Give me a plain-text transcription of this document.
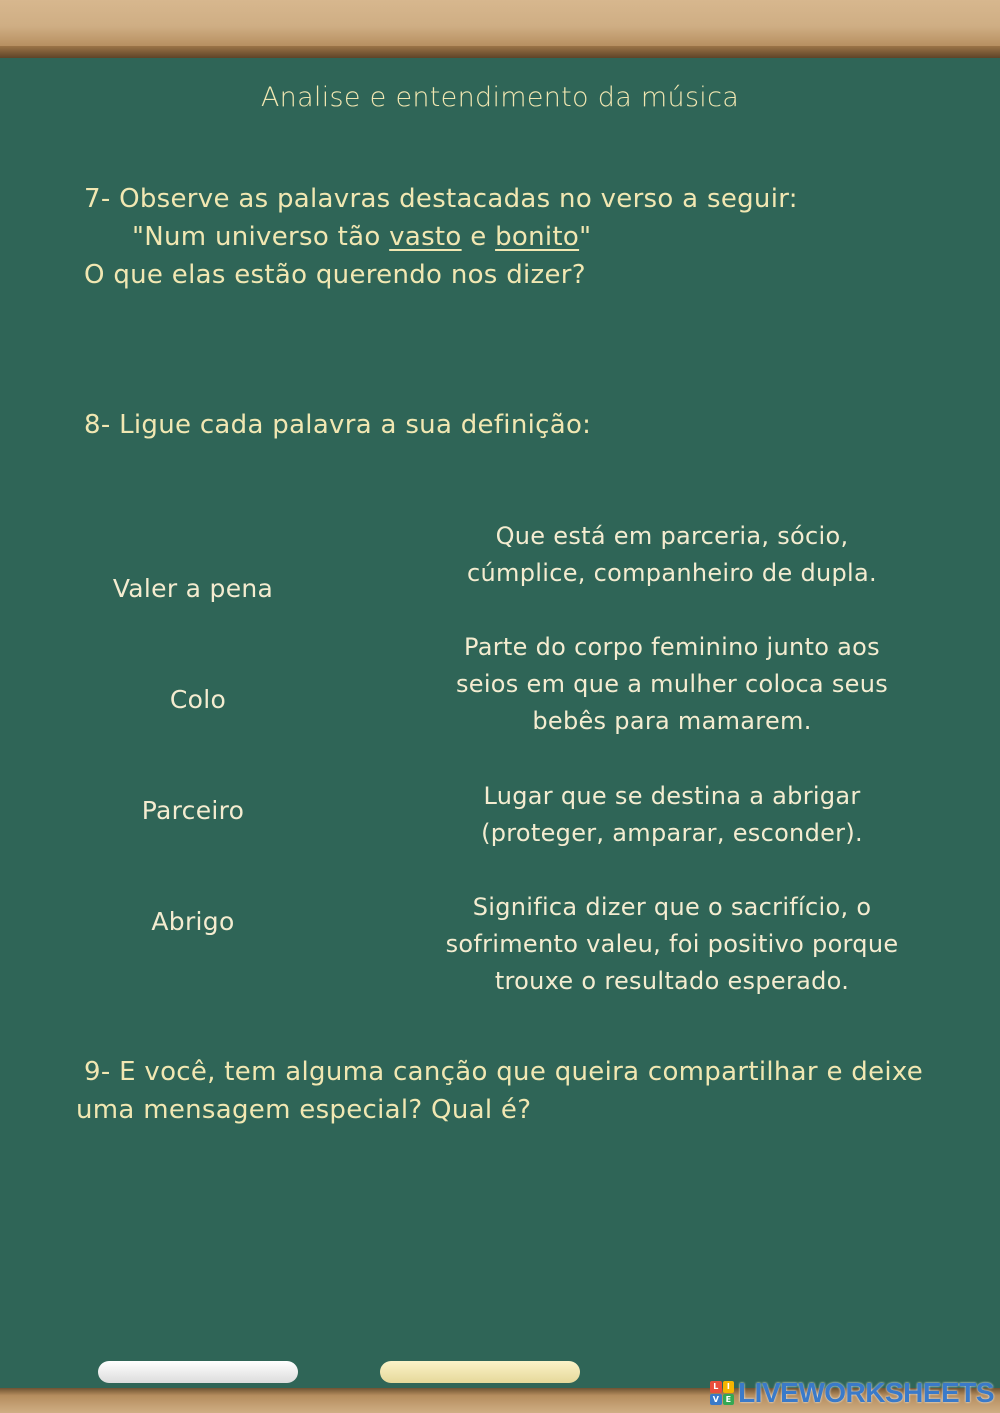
Analise e entendimento da música
7- Observe as palavras destacadas no verso a seguir:
"Num universo tão vasto e bonito"
O que elas estão querendo nos dizer?
8- Ligue cada palavra a sua definição:
Valer a pena
Colo
Parceiro
Abrigo
Que está em parceria, sócio,
cúmplice, companheiro de dupla.
Parte do corpo feminino junto aos
seios em que a mulher coloca seus
bebês para mamarem.
Lugar que se destina a abrigar
(proteger, amparar, esconder).
Significa dizer que o sacrifício, o
sofrimento valeu, foi positivo porque
trouxe o resultado esperado.
9- E você, tem alguma canção que queira compartilhar e deixe
uma mensagem especial? Qual é?
L	I
V E LIVEWORKSHEETS
